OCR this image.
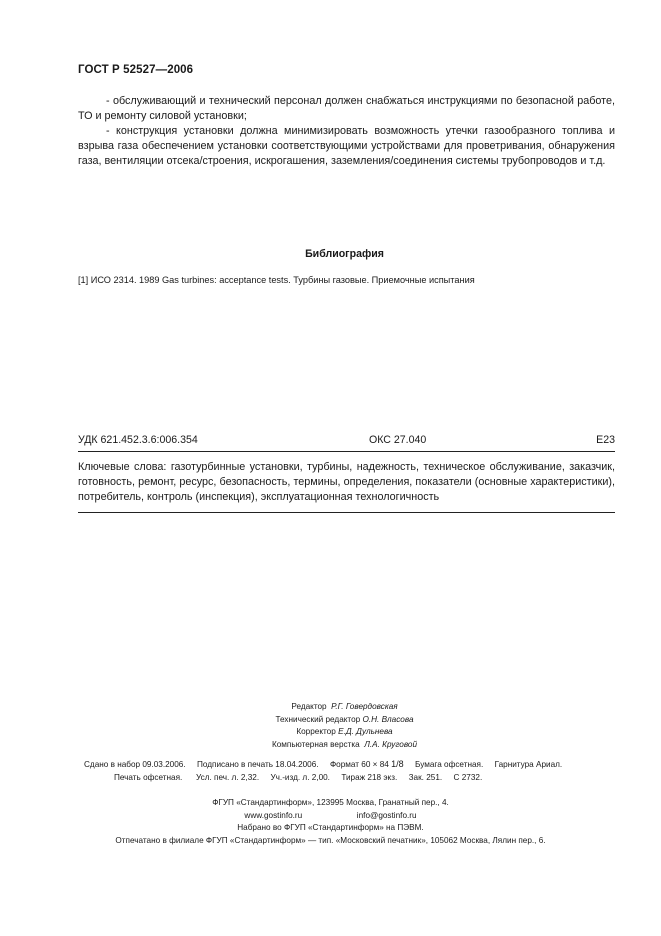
ГОСТ Р 52527—2006
- обслуживающий и технический персонал должен снабжаться инструкциями по безопасной работе, ТО и ремонту силовой установки;
- конструкция установки должна минимизировать возможность утечки газообразного топлива и взрыва газа обеспечением установки соответствующими устройствами для проветривания, обнаружения газа, вентиляции отсека/строения, искрогашения, заземления/соединения системы трубопроводов и т.д.
Библиография
[1] ИСО 2314. 1989 Gas turbines: acceptance tests. Турбины газовые. Приемочные испытания
УДК 621.452.3.6:006.354	ОКС 27.040	Е23
Ключевые слова: газотурбинные установки, турбины, надежность, техническое обслуживание, заказчик, готовность, ремонт, ресурс, безопасность, термины, определения, показатели (основные характеристики), потребитель, контроль (инспекция), эксплуатационная технологичность
Редактор Р.Г. Говердовская
Технический редактор О.Н. Власова
Корректор Е.Д. Дульнева
Компьютерная верстка Л.А. Круговой
Сдано в набор 09.03.2006. Подписано в печать 18.04.2006. Формат 60 × 84 1/8 Бумага офсетная. Гарнитура Ариал.
Печать офсетная. Усл. печ. л. 2,32. Уч.-изд. л. 2,00. Тираж 218 экз. Зак. 251. С 2732.
ФГУП «Стандартинформ», 123995 Москва, Гранатный пер., 4.
www.gostinfo.ru                        info@gostinfo.ru
Набрано во ФГУП «Стандартинформ» на ПЭВМ.
Отпечатано в филиале ФГУП «Стандартинформ» — тип. «Московский печатник», 105062 Москва, Лялин пер., 6.
